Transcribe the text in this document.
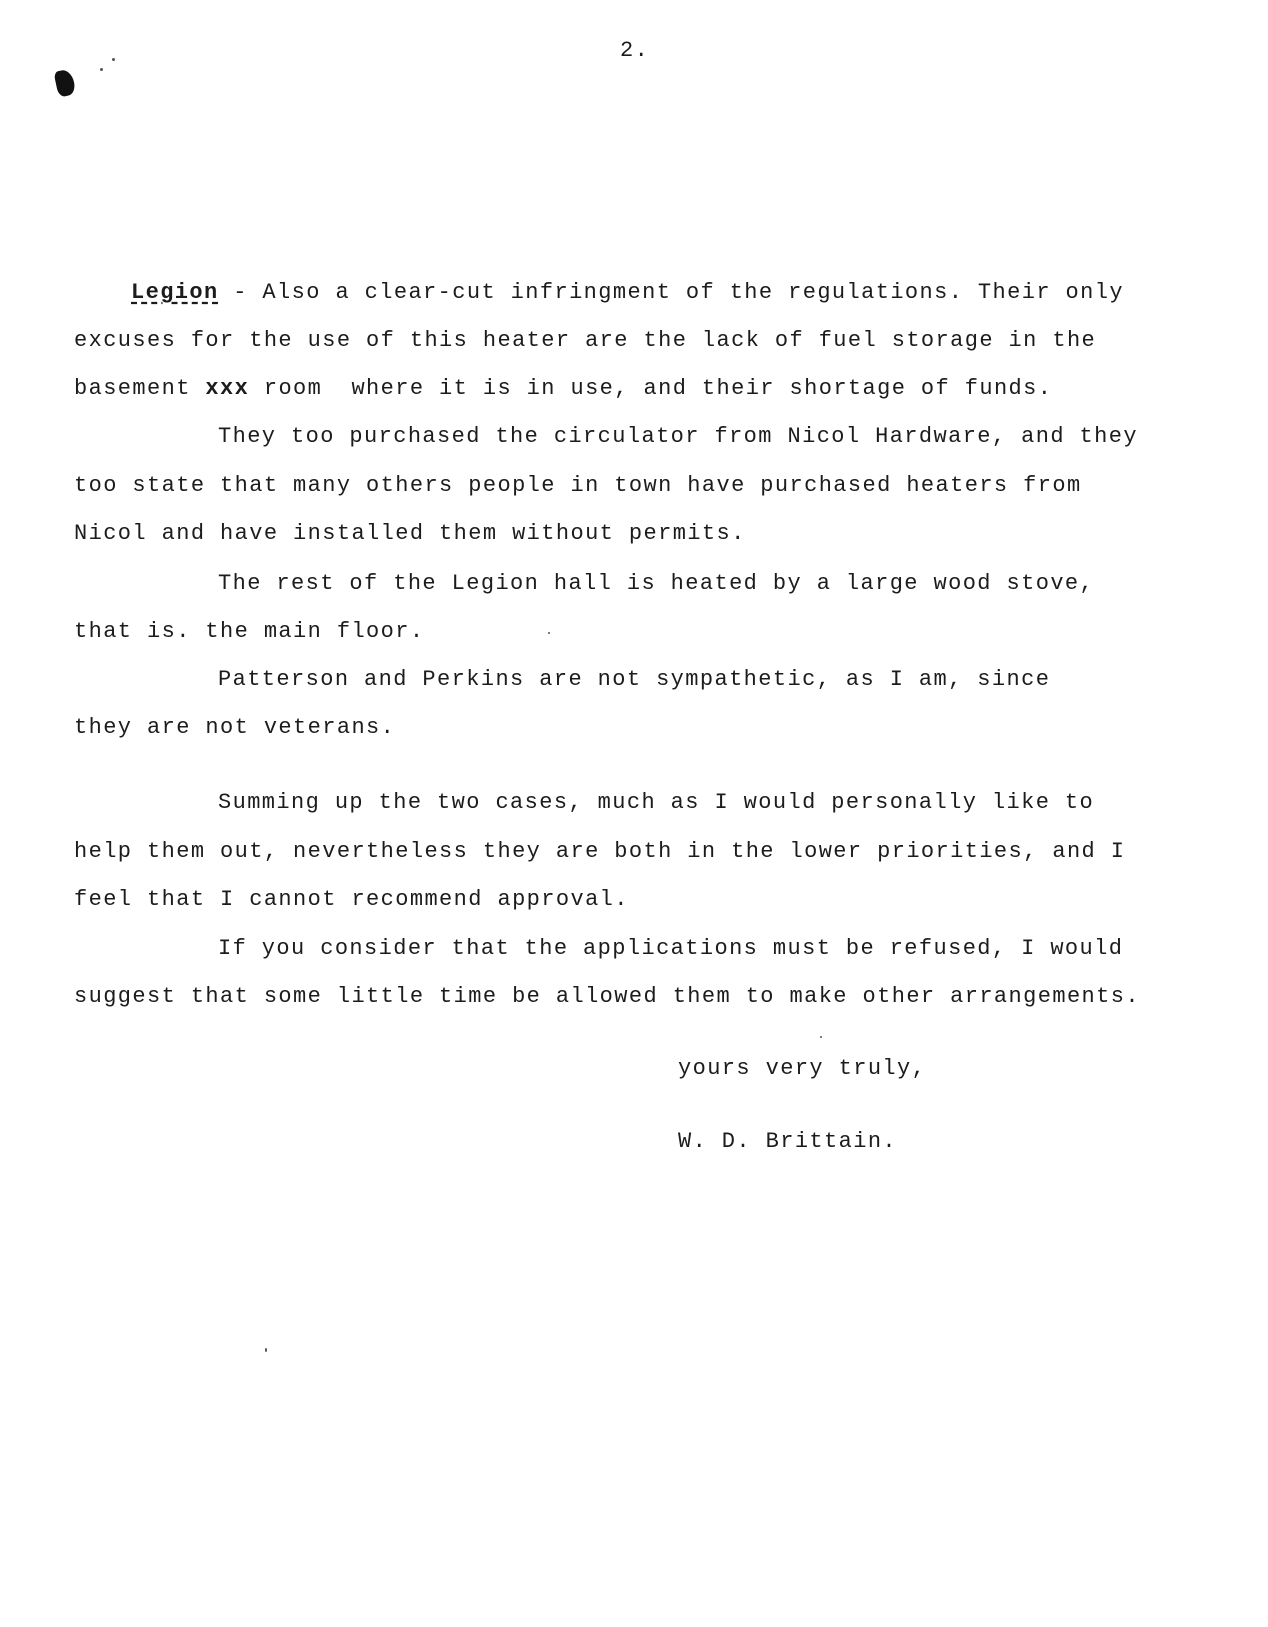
2.
Legion - Also a clear-cut infringment of the regulations. Their only
excuses for the use of this heater are the lack of fuel storage in the
basement xxx room  where it is in use, and their shortage of funds.
They too purchased the circulator from Nicol Hardware, and they
too state that many others people in town have purchased heaters from
Nicol and have installed them without permits.
The rest of the Legion hall is heated by a large wood stove,
that is. the main floor.
Patterson and Perkins are not sympathetic, as I am, since
they are not veterans.
Summing up the two cases, much as I would personally like to
help them out, nevertheless they are both in the lower priorities, and I
feel that I cannot recommend approval.
If you consider that the applications must be refused, I would
suggest that some little time be allowed them to make other arrangements.
yours very truly,
W. D. Brittain.
